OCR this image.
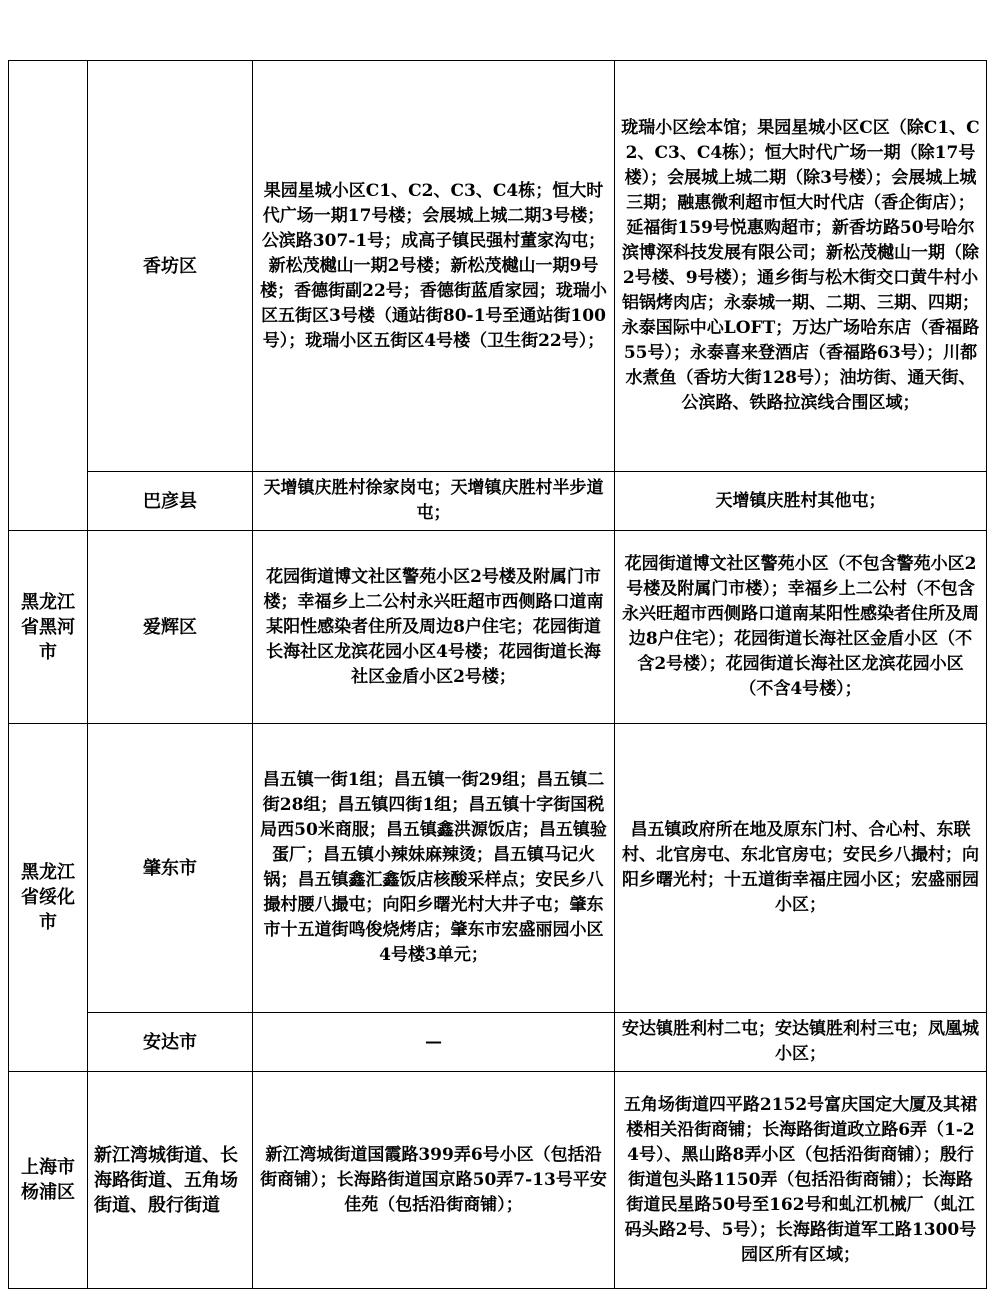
	香坊区	果园星城小区C1、C2、C3、C4栋；恒大时代广场一期17号楼；会展城上城二期3号楼；公滨路307-1号；成高子镇民强村董家沟屯；新松茂樾山一期2号楼；新松茂樾山一期9号楼；香德街副22号；香德街蓝盾家园；珑瑞小区五街区3号楼（通站街80-1号至通站街100号）；珑瑞小区五街区4号楼（卫生街22号）；	珑瑞小区绘本馆；果园星城小区C区（除C1、C2、C3、C4栋）；恒大时代广场一期（除17号楼）；会展城上城二期（除3号楼）；会展城上城三期；融惠微利超市恒大时代店（香企街店）；延福街159号悦惠购超市；新香坊路50号哈尔滨博深科技发展有限公司；新松茂樾山一期（除2号楼、9号楼）；通乡街与松木街交口黄牛村小铝锅烤肉店；永泰城一期、二期、三期、四期；永泰国际中心LOFT；万达广场哈东店（香福路55号）；永泰喜来登酒店（香福路63号）；川都水煮鱼（香坊大街128号）；油坊街、通天街、公滨路、铁路拉滨线合围区域；
	巴彦县	天增镇庆胜村徐家岗屯；天增镇庆胜村半步道屯；	天增镇庆胜村其他屯；
黑龙江省黑河市	爱辉区	花园街道博文社区警苑小区2号楼及附属门市楼；幸福乡上二公村永兴旺超市西侧路口道南某阳性感染者住所及周边8户住宅；花园街道长海社区龙滨花园小区4号楼；花园街道长海社区金盾小区2号楼；	花园街道博文社区警苑小区（不包含警苑小区2号楼及附属门市楼）；幸福乡上二公村（不包含永兴旺超市西侧路口道南某阳性感染者住所及周边8户住宅）；花园街道长海社区金盾小区（不含2号楼）；花园街道长海社区龙滨花园小区（不含4号楼）；
黑龙江省绥化市	肇东市	昌五镇一街1组；昌五镇一街29组；昌五镇二街28组；昌五镇四街1组；昌五镇十字街国税局西50米商服；昌五镇鑫洪源饭店；昌五镇验蛋厂；昌五镇小辣妹麻辣烫；昌五镇马记火锅；昌五镇鑫汇鑫饭店核酸采样点；安民乡八撮村腰八撮屯；向阳乡曙光村大井子屯；肇东市十五道街鸣俊烧烤店；肇东市宏盛丽园小区4号楼3单元；	昌五镇政府所在地及原东门村、合心村、东联村、北官房屯、东北官房屯；安民乡八撮村；向阳乡曙光村；十五道街幸福庄园小区；宏盛丽园小区；
	安达市	—	安达镇胜利村二屯；安达镇胜利村三屯；凤凰城小区；
上海市杨浦区	新江湾城街道、长海路街道、五角场街道、殷行街道	新江湾城街道国霞路399弄6号小区（包括沿街商铺）；长海路街道国京路50弄7-13号平安佳苑（包括沿街商铺）；	五角场街道四平路2152号富庆国定大厦及其裙楼相关沿街商铺；长海路街道政立路6弄（1-24号）、黑山路8弄小区（包括沿街商铺）；殷行街道包头路1150弄（包括沿街商铺）；长海路街道民星路50号至162号和虬江机械厂（虬江码头路2号、5号）；长海路街道军工路1300号园区所有区域；
